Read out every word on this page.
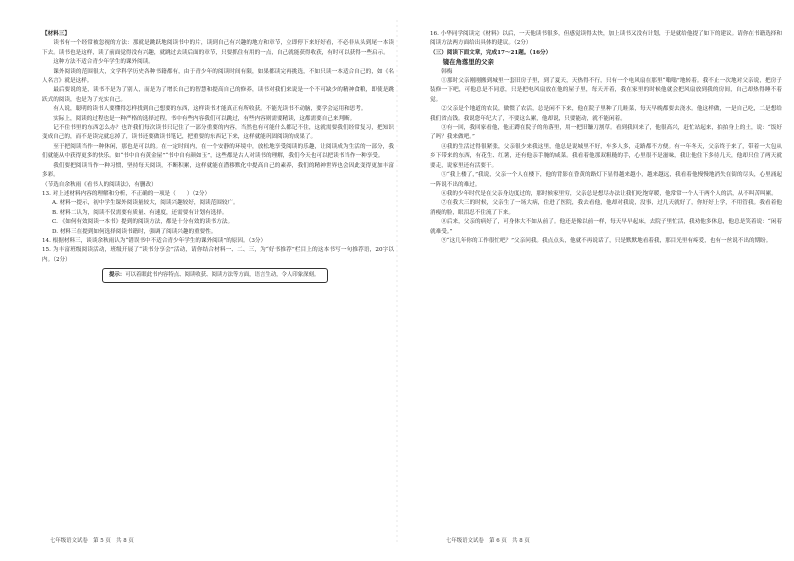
【材料三】

读书有一个经常被忽视的方法：那就是跳跃地阅读书中的片，读到自己有兴趣的地方和章节，立即停下来好好看，不必非从头到尾一本读下去。读书也是这样，读了前面觉得没有兴趣，就跳过去读后面的章节，只要抓住有用的一点，自己就能获得收获，有时可以获得一些启示。

这种方法不适合青少年学生的课外阅读。

课外阅读的范围很大，文学科学历史各种书籍都有，由于青少年的阅读时间有限，如果都读完再挑选，不如只读一本适合自己的，如《名人名言》就是这样。

最后要说的是，读书不是为了别人，而是为了增长自己的智慧和提高自己的修养，读书对我们来说是一个不可缺少的精神食粮，即使是跳跃式的阅读，也是为了充实自己。

有人说，聪明的读书人要懂得怎样找到自己想要的东西，这样读书才能真正有所收获。不能光读书不动脑，要学会运用和思考。

实际上，阅读的过程也是一种严格的选择过程，书中有些内容我们可以跳过，有些内容则需要精读，这都需要自己来判断。

记不住书里的东西怎么办？也许我们每次读书只记住了一部分重要的内容，当然也有可能什么都记不住，这就需要我们经常复习，把知识变成自己的，而不是读完就忘掉了，读书还要做读书笔记，把重要的东西记下来，这样就能巩固阅读的成果了。

至于把阅读当作一种休闲，那也是可以的。在一定时间内，在一个安静的环境中，放松地享受阅读的乐趣，让阅读成为生活的一部分，我们就能从中获得更多的快乐。如“书中自有黄金屋”“书中自有颜如玉”，这些都是古人对读书的理解，我们今天也可以把读书当作一种享受。

我们要把阅读当作一种习惯，坚持每天阅读，不断积累，这样就能在潜移默化中提高自己的素养，我们的精神世界也会因此变得更加丰富多彩。

（节选自余秋雨《看书人的阅读法》，有删改）

13. 对上述材料内容的理解和分析，不正确的一项是（　　）（2分）

A. 材料一提示，初中学生课外阅读量较大，阅读兴趣较好，阅读范围较广。

B. 材料二认为，阅读不仅需要有质量、有速度，还需要有计划有选择。

C. 《如何有效阅读一本书》提到的阅读方法，都是十分有效的读书方法。

D. 材料三在提到如何选择阅读书籍时，强调了阅读兴趣的重要性。

14. 根据材料三，谈谈余秋雨认为“错误书中不适合青少年学生的课外阅读”的原因。（3分）

15. 为丰富班级阅读活动，班级开展了“读书分享会”活动，请你结合材料一、二、三，为“好书推荐”栏目上的这本书写一句推荐语，20字以内。（2分）

提示：可以着眼此书内容特点、阅读收获、阅读方法等方面，语言生动，令人印象深刻。

16. 小华同学阅读完《材料》以后，一天他读书很多，但感觉读得太快，加上读书又没有计划，于是就给他提了如下的建议。请你在书籍选择和阅读方法两方面给出具体的建议。（2分）

（三）阅读下面文章，完成17～21题。（16分）

镜在角落里的父亲

韩梅

①那时父亲刚刚搬到城里一套旧房子里，到了夏天，天热得不行，只有一个电风扇在那里“嗡嗡”地转着。我不止一次地对父亲说，把房子装修一下吧，可他总是不同意，只是把电风扇放在他的屋子里，每天开着，我在家里的时候他就会把风扇放到我的房间，自己却热得睡不着觉。

②父亲是个地道的农民，做惯了农活，总是闲不下来，他在院子里种了几畦菜，每天早晚都要去浇水。他这样做，一是自己吃，二是想给我们省点钱。我说您年纪大了，不要这么累，他却说，只要能动，就不能闲着。

③有一回，我回家看他，他正蹲在院子的角落里，用一把旧镰刀割草。看到我回来了，他很高兴，赶忙站起来，拍拍身上的土，说：“饭好了吗？我来做吧。”

④我的生活过得很紧张，父亲很少来我这里，他总是说城里不好，车多人多，走路都不方便。有一年冬天，父亲终于来了，带着一大包从乡下带来的东西，有花生、红薯，还有他亲手腌的咸菜。我看着他那双粗糙的手，心里很不是滋味，我让他住下多待几天，他却只住了两天就要走，说家里还有活要干。

⑤“我上楼了，”我说，父亲一个人在楼下，他的背影在昏黄的路灯下显得越来越小，越来越远，我看着他慢慢地消失在街的尽头，心里涌起一阵说不出的难过。

⑥我的少年时代是在父亲身边度过的，那时候家里穷，父亲总是想尽办法让我们吃饱穿暖，他常常一个人干两个人的活，从不叫苦叫累。

⑦在我大三的时候，父亲生了一场大病，住进了医院，我去看他，他却对我说，没事，过几天就好了，你好好上学，不用管我。我看着他消瘦的脸，眼泪忍不住流了下来。

⑧后来，父亲的病好了，可身体大不如从前了。他还是像以前一样，每天早早起床，去院子里忙活，我劝他多休息，他总是笑着说：“闲着就难受。”

⑨“这几年你的工作很忙吧？”父亲问我。我点点头，他就不再说话了，只是默默地看着我，那目光里有疼爱，也有一丝说不出的期盼。

七年级语文试卷　第 5 页　共 8 页	七年级语文试卷　第 6 页　共 8 页
